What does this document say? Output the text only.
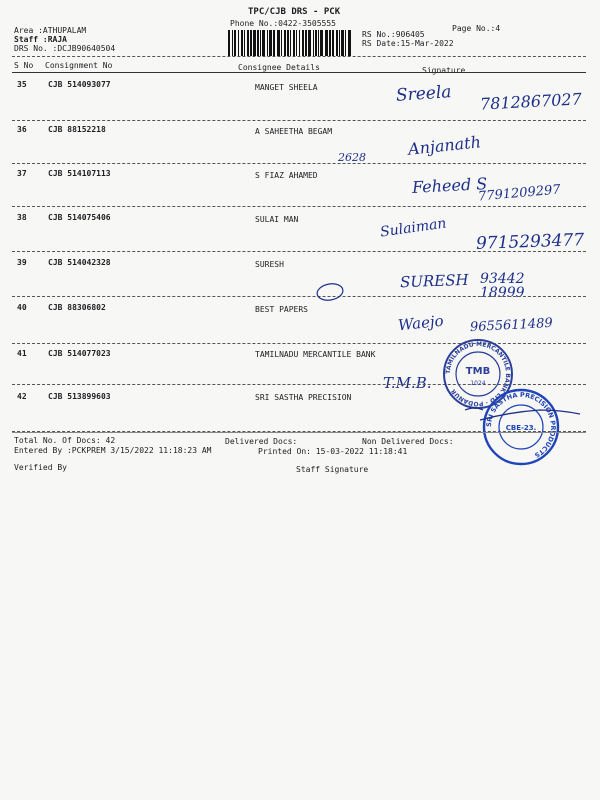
TPC/CJB DRS - PCK
Phone No.:0422-3505555
Area :ATHUPALAM
Staff :RAJA
DRS No. :DCJB90640504
RS No.:906405
RS Date:15-Mar-2022
Page No.:4
S No Consignment No	Consignee Details	Signature
35	CJB 514093077	MANGET SHEELA	Sreela 7812867027
36	CJB 88152218	A SAHEETHA BEGAM
2628	Anjanath
37	CJB 514107113	S FIAZ AHAMED	Feheed S
7791209297
38	CJB 514075406	SULAI MAN	Sulaiman
9715293477
39	CJB 514042328	SURESH
SURESH 93442 18999
40	CJB 88306802	BEST PAPERS
Waejo 9655611489
41	CJB 514077023	TAMILNADU MERCANTILE BANK
T.M.B.
42	CJB 513899603	SRI SASTHA PRECISION
TAMILNADU MERCANTILE BANK LTD · PODANUR
TMB
1024
SRI SASTHA PRECISION PRODUCTS
CBE-23.
Total No. Of Docs: 42	Delivered Docs:	Non Delivered Docs:
Entered By :PCKPREM 3/15/2022 11:18:23 AM	Printed On: 15-03-2022 11:18:41
Verified By	Staff Signature
